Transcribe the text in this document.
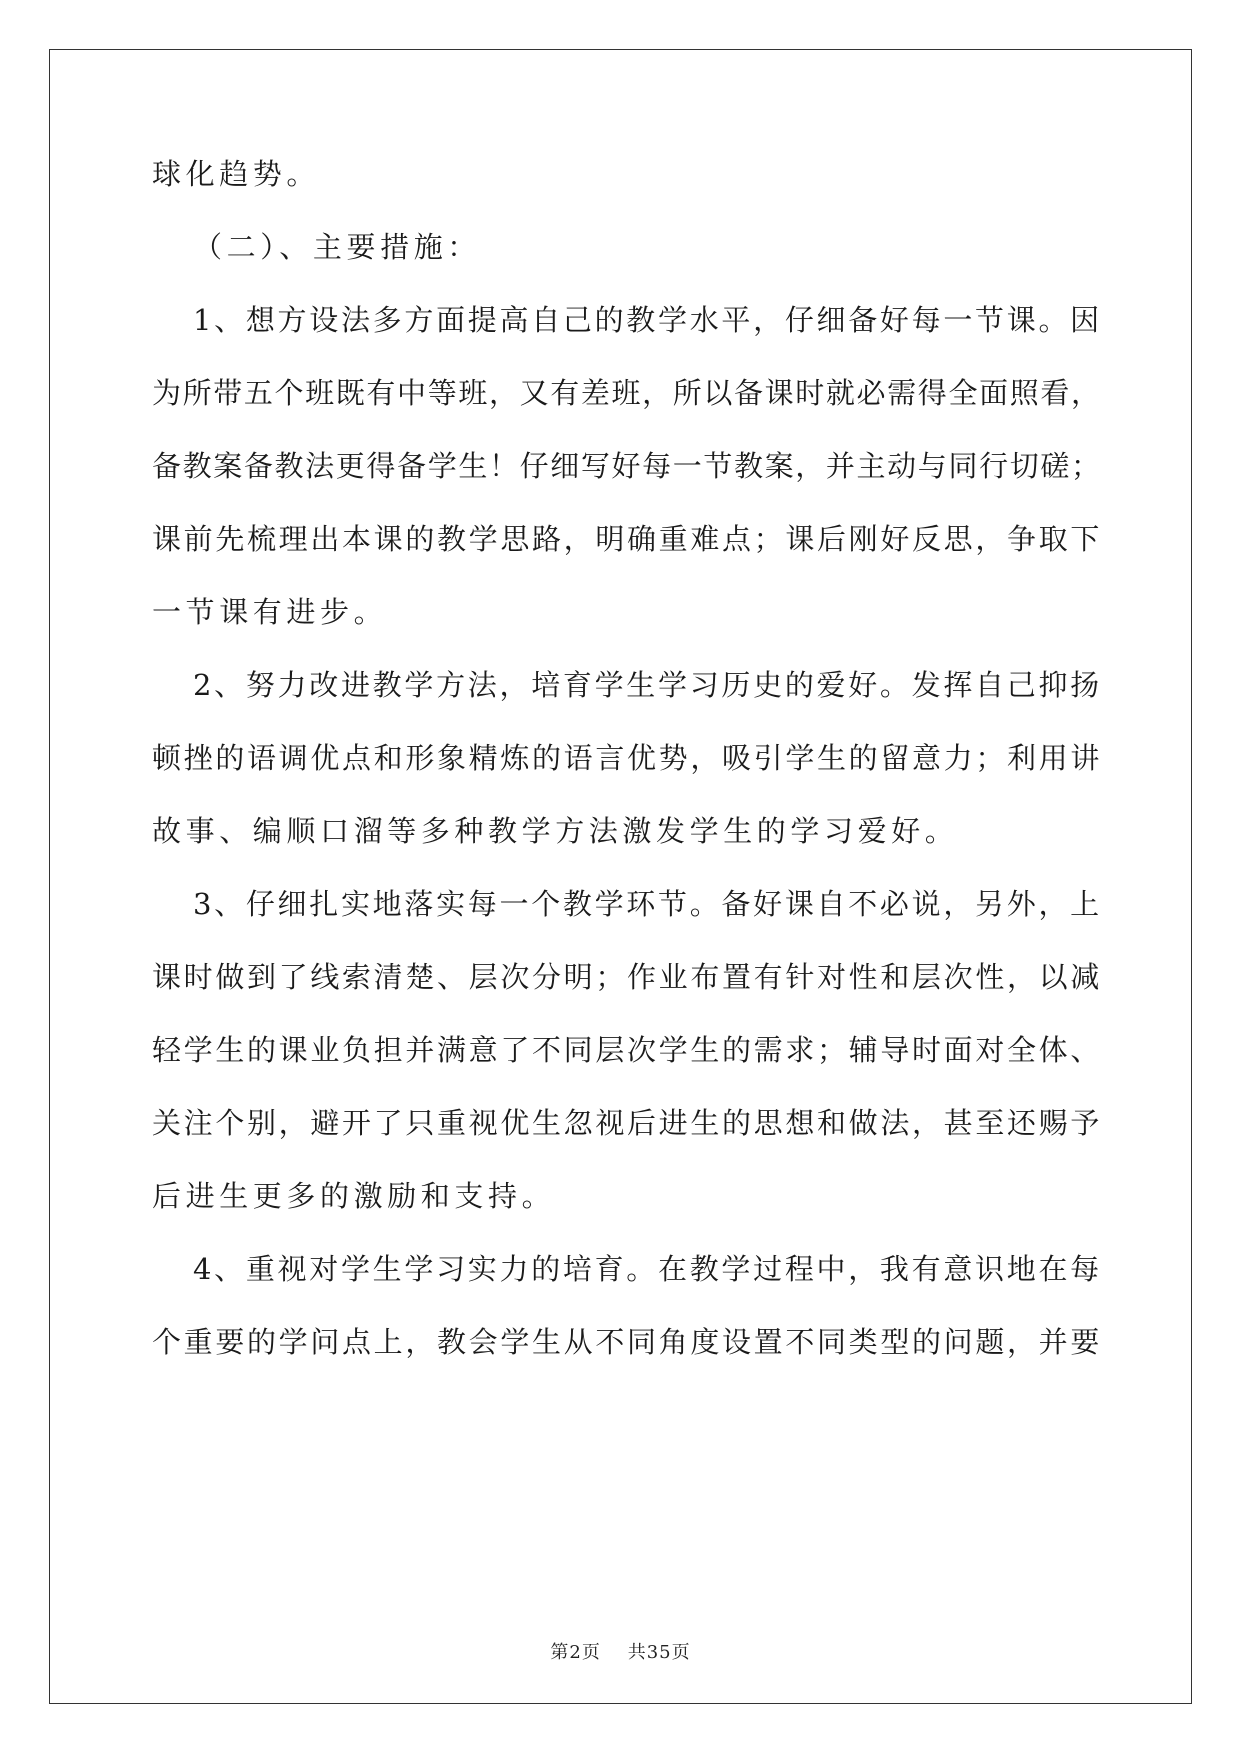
球化趋势。
（二）、主要措施：
1、想方设法多方面提高自己的教学水平，仔细备好每一节课。因
为所带五个班既有中等班，又有差班，所以备课时就必需得全面照看，
备教案备教法更得备学生！仔细写好每一节教案，并主动与同行切磋；
课前先梳理出本课的教学思路，明确重难点；课后刚好反思，争取下
一节课有进步。
2、努力改进教学方法，培育学生学习历史的爱好。发挥自己抑扬
顿挫的语调优点和形象精炼的语言优势，吸引学生的留意力；利用讲
故事、编顺口溜等多种教学方法激发学生的学习爱好。
3、仔细扎实地落实每一个教学环节。备好课自不必说，另外，上
课时做到了线索清楚、层次分明；作业布置有针对性和层次性，以减
轻学生的课业负担并满意了不同层次学生的需求；辅导时面对全体、
关注个别，避开了只重视优生忽视后进生的思想和做法，甚至还赐予
后进生更多的激励和支持。
4、重视对学生学习实力的培育。在教学过程中，我有意识地在每
个重要的学问点上，教会学生从不同角度设置不同类型的问题，并要
第2页 共35页
